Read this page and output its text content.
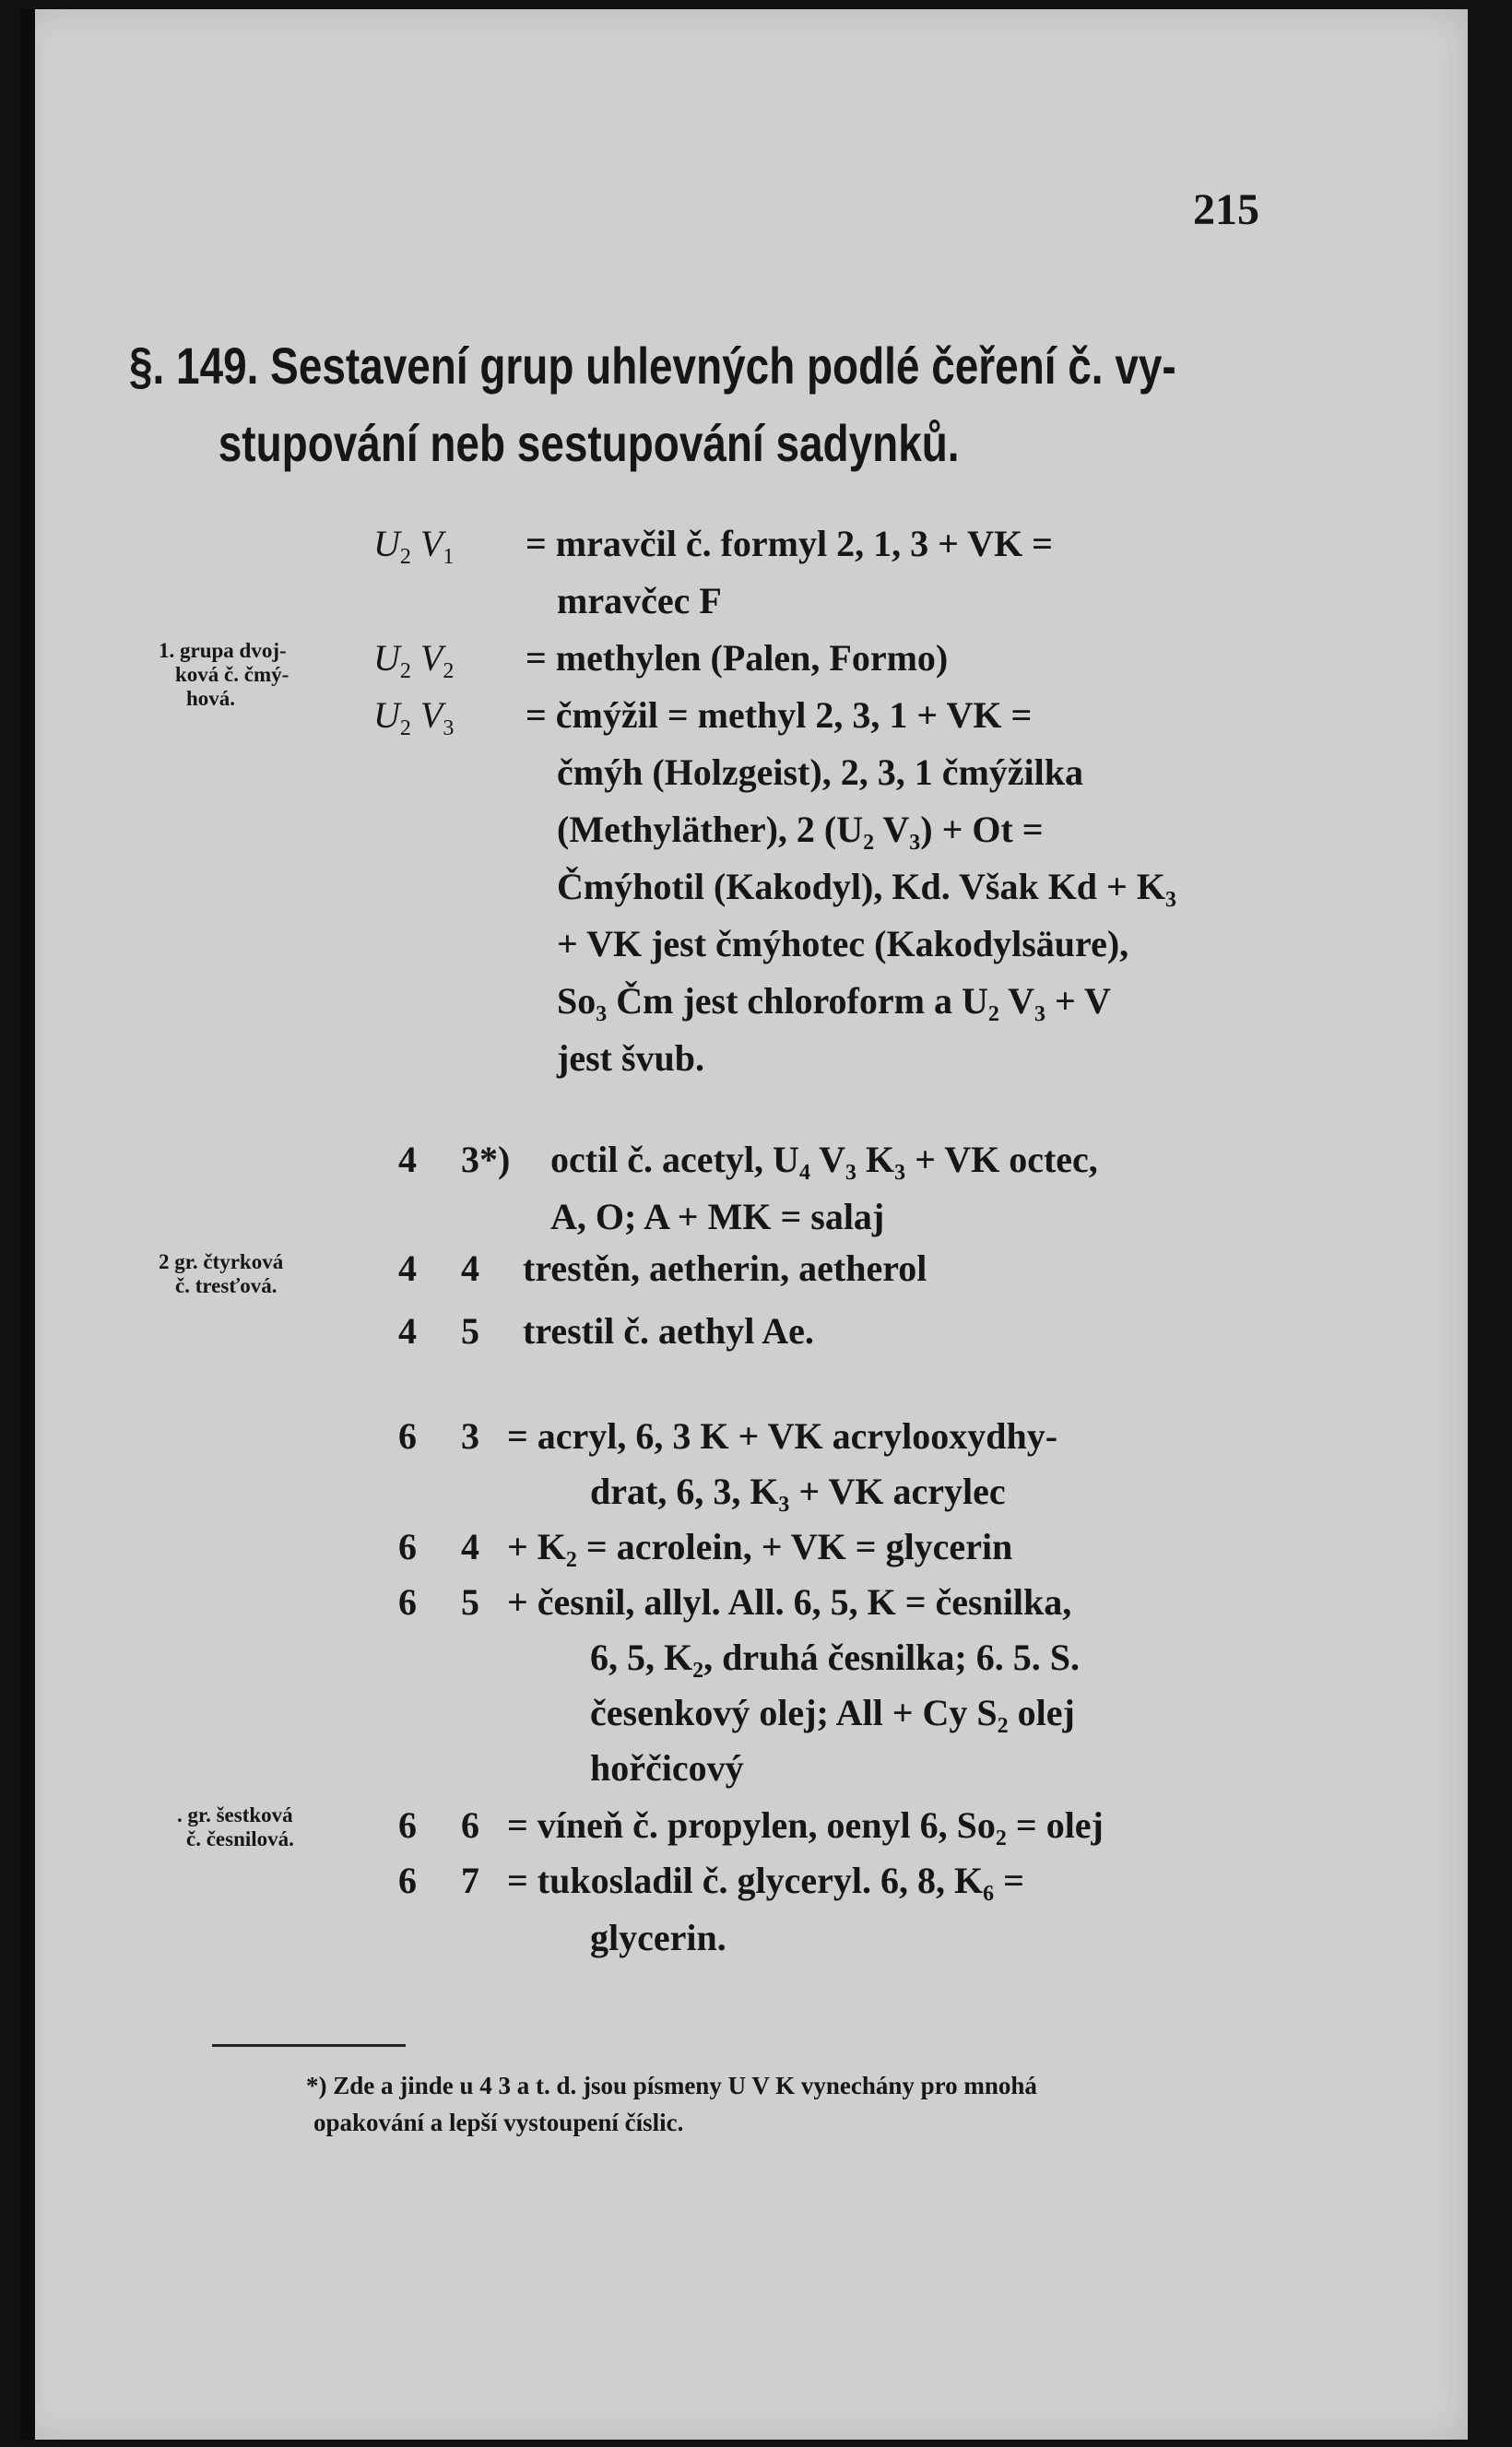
215
§. 149. Sestavení grup uhlevných podlé čeření č. vy-
stupování neb sestupování sadynků.
1. grupa dvoj-
ková č. čmý-
hová.
2 gr. čtyrková
č. tresťová.
. gr. šestková
č. česnilová.
$U_2$ $V_1$ = mravčil č. formyl 2, 1, 3 + VK =
mravčec F
$U_2$ $V_2$ = methylen (Palen, Formo)
$U_2$ $V_3$ = čmýžil = methyl 2, 3, 1 + VK =
čmýh (Holzgeist), 2, 3, 1 čmýžilka
(Methyläther), 2 (U₂ V₃) + Ot =
Čmýhotil (Kakodyl), Kd. Však Kd + K₃
+ VK jest čmýhotec (Kakodylsäure),
So₃ Čm jest chloroform a U₂ V₃ + V
jest švub.
4 3*) octil č. acetyl, U₄ V₃ K₃ + VK octec,
A, O; A + MK = salaj
4 4 trestěn, aetherin, aetherol
4 5 trestil č. aethyl Ae.
6 3 = acryl, 6, 3 K + VK acrylooxydhy-
drat, 6, 3, K₃ + VK acrylec
6 4 + K₂ = acrolein, + VK = glycerin
6 5 + česnil, allyl. All. 6, 5, K = česnilka,
6, 5, K₂, druhá česnilka; 6. 5. S.
česenkový olej; All + Cy S₂ olej
hořčicový
6 6 = víneň č. propylen, oenyl 6, So₂ = olej
6 7 = tukosladil č. glyceryl. 6, 8, K₆ =
glycerin.
*) Zde a jinde u 4 3 a t. d. jsou písmeny U V K vynechány pro mnohá
opakování a lepší vystoupení číslic.
